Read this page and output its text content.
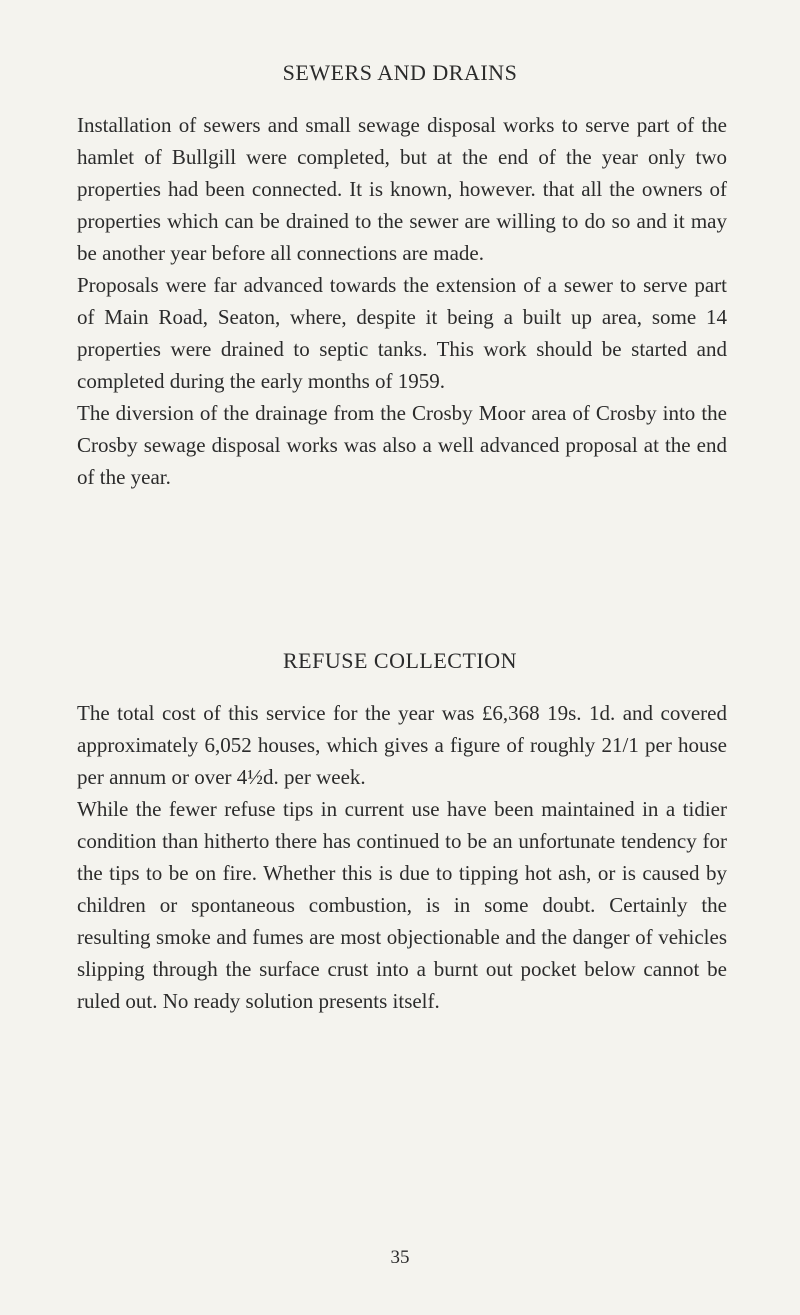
SEWERS AND DRAINS

Installation of sewers and small sewage disposal works to serve part of the hamlet of Bullgill were completed, but at the end of the year only two properties had been connected. It is known, however. that all the owners of properties which can be drained to the sewer are willing to do so and it may be another year before all connections are made.

Proposals were far advanced towards the extension of a sewer to serve part of Main Road, Seaton, where, despite it being a built up area, some 14 properties were drained to septic tanks. This work should be started and completed during the early months of 1959.

The diversion of the drainage from the Crosby Moor area of Crosby into the Crosby sewage disposal works was also a well advanced proposal at the end of the year.

REFUSE COLLECTION

The total cost of this service for the year was £6,368 19s. 1d. and covered approximately 6,052 houses, which gives a figure of roughly 21/1 per house per annum or over 4½d. per week.

While the fewer refuse tips in current use have been maintained in a tidier condition than hitherto there has continued to be an unfortunate tendency for the tips to be on fire. Whether this is due to tipping hot ash, or is caused by children or spontaneous combustion, is in some doubt. Certainly the resulting smoke and fumes are most objectionable and the danger of vehicles slipping through the surface crust into a burnt out pocket below cannot be ruled out. No ready solution presents itself.

35
